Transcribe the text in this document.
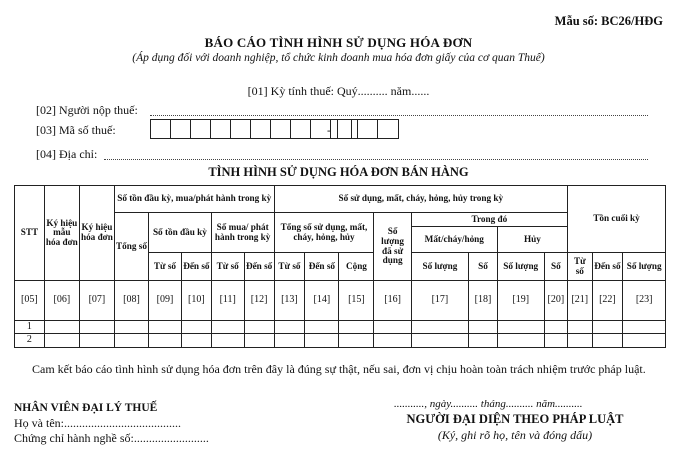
Mẫu số: BC26/HĐG
BÁO CÁO TÌNH HÌNH SỬ DỤNG HÓA ĐƠN
(Áp dụng đối với doanh nghiệp, tổ chức kinh doanh mua hóa đơn giấy của cơ quan Thuế)
[01] Kỳ tính thuế: Quý.......... năm......
[02] Người nộp thuế:
[03] Mã số thuế:	-
[04] Địa chỉ:
TÌNH HÌNH SỬ DỤNG HÓA ĐƠN BÁN HÀNG
STT	Ký hiệu mẫu hóa đơn	Ký hiệu hóa đơn	Số tồn đầu kỳ, mua/phát hành trong kỳ					Số sử dụng, mất, cháy, hỏng, hủy trong kỳ								Tồn cuối kỳ		
			Tổng số	Số tồn đầu kỳ		Số mua/ phát hành trong kỳ		Tổng số sử dụng, mất, cháy, hỏng, hủy			Số lượng đã sử dụng	Trong đó						
												Mất/cháy/hỏng		Hủy				
				Từ số	Đến số	Từ số	Đến số	Từ số	Đến số	Cộng		Số lượng	Số	Số lượng	Số	Từ số	Đến số	Số lượng
[05]	[06]	[07]	[08]	[09]	[10]	[11]	[12]	[13]	[14]	[15]	[16]	[17]	[18]	[19]	[20]	[21]	[22]	[23]
1																		
2																		
Cam kết báo cáo tình hình sử dụng hóa đơn trên đây là đúng sự thật, nếu sai, đơn vị chịu hoàn toàn trách nhiệm trước pháp luật.
NHÂN VIÊN ĐẠI LÝ THUẾ
Họ và tên:.......................................
Chứng chỉ hành nghề số:.........................
..........., ngày.......... tháng.......... năm..........
NGƯỜI ĐẠI DIỆN THEO PHÁP LUẬT
(Ký, ghi rõ họ, tên và đóng dấu)
